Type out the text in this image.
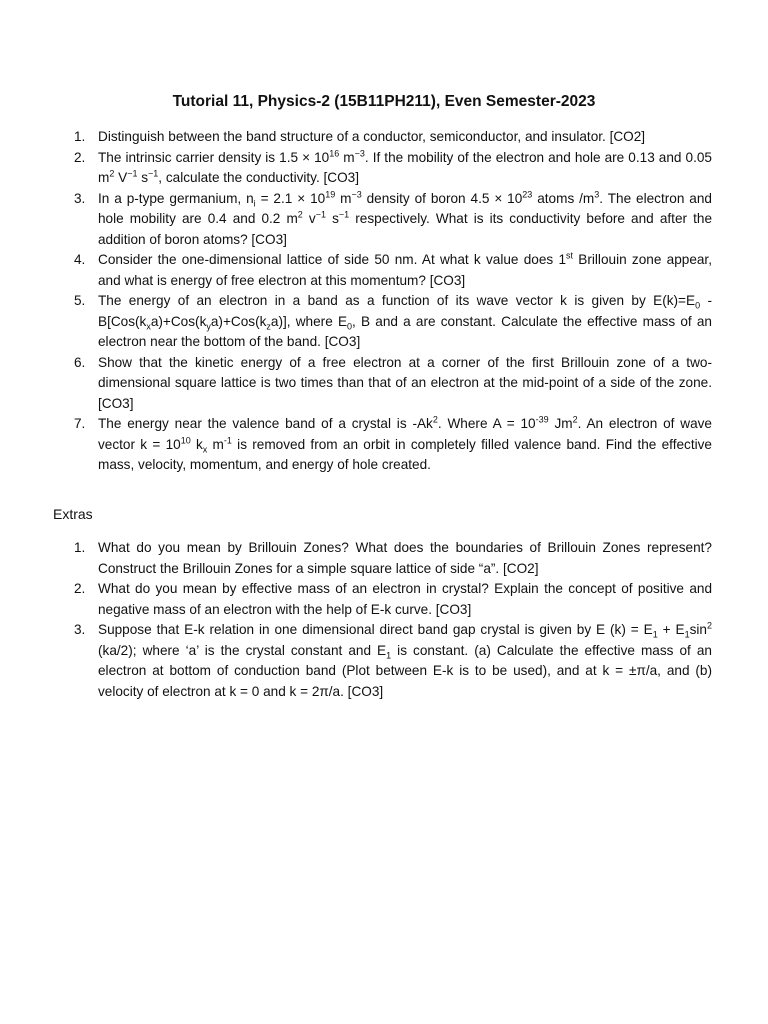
Tutorial 11, Physics-2 (15B11PH211), Even Semester-2023
1. Distinguish between the band structure of a conductor, semiconductor, and insulator. [CO2]
2. The intrinsic carrier density is $1.5 \times 10^{16}$ $m^{-3}$. If the mobility of the electron and hole are 0.13 and 0.05 $m^2$ $V^{-1}$ $s^{-1}$, calculate the conductivity. [CO3]
3. In a p-type germanium, $n_i = 2.1 \times 10^{19}$ $m^{-3}$ density of boron $4.5 \times 10^{23}$ atoms $/m^3$. The electron and hole mobility are 0.4 and 0.2 $m^2$ $v^{-1}$ $s^{-1}$ respectively. What is its conductivity before and after the addition of boron atoms? [CO3]
4. Consider the one-dimensional lattice of side 50 nm. At what k value does 1st Brillouin zone appear, and what is energy of free electron at this momentum? [CO3]
5. The energy of an electron in a band as a function of its wave vector k is given by $E(k)=E_0 - B[Cos(k_xa)+Cos(k_ya)+Cos(k_za)]$, where $E_0$, B and a are constant. Calculate the effective mass of an electron near the bottom of the band. [CO3]
6. Show that the kinetic energy of a free electron at a corner of the first Brillouin zone of a two-dimensional square lattice is two times than that of an electron at the mid-point of a side of the zone. [CO3]
7. The energy near the valence band of a crystal is -Ak$^2$. Where $A = 10^{-39}$ Jm$^2$. An electron of wave vector $k = 10^{10}$ $k_x$ $m^{-1}$ is removed from an orbit in completely filled valence band. Find the effective mass, velocity, momentum, and energy of hole created.
Extras
1. What do you mean by Brillouin Zones? What does the boundaries of Brillouin Zones represent? Construct the Brillouin Zones for a simple square lattice of side “a”. [CO2]
2. What do you mean by effective mass of an electron in crystal? Explain the concept of positive and negative mass of an electron with the help of E-k curve. [CO3]
3. Suppose that E-k relation in one dimensional direct band gap crystal is given by E $(k) = E_1 + E_1\sin^2$ (ka/2); where ‘a’ is the crystal constant and $E_1$ is constant. (a) Calculate the effective mass of an electron at bottom of conduction band (Plot between E-k is to be used), and at k = ±π/a, and (b) velocity of electron at k = 0 and k = 2π/a. [CO3]
